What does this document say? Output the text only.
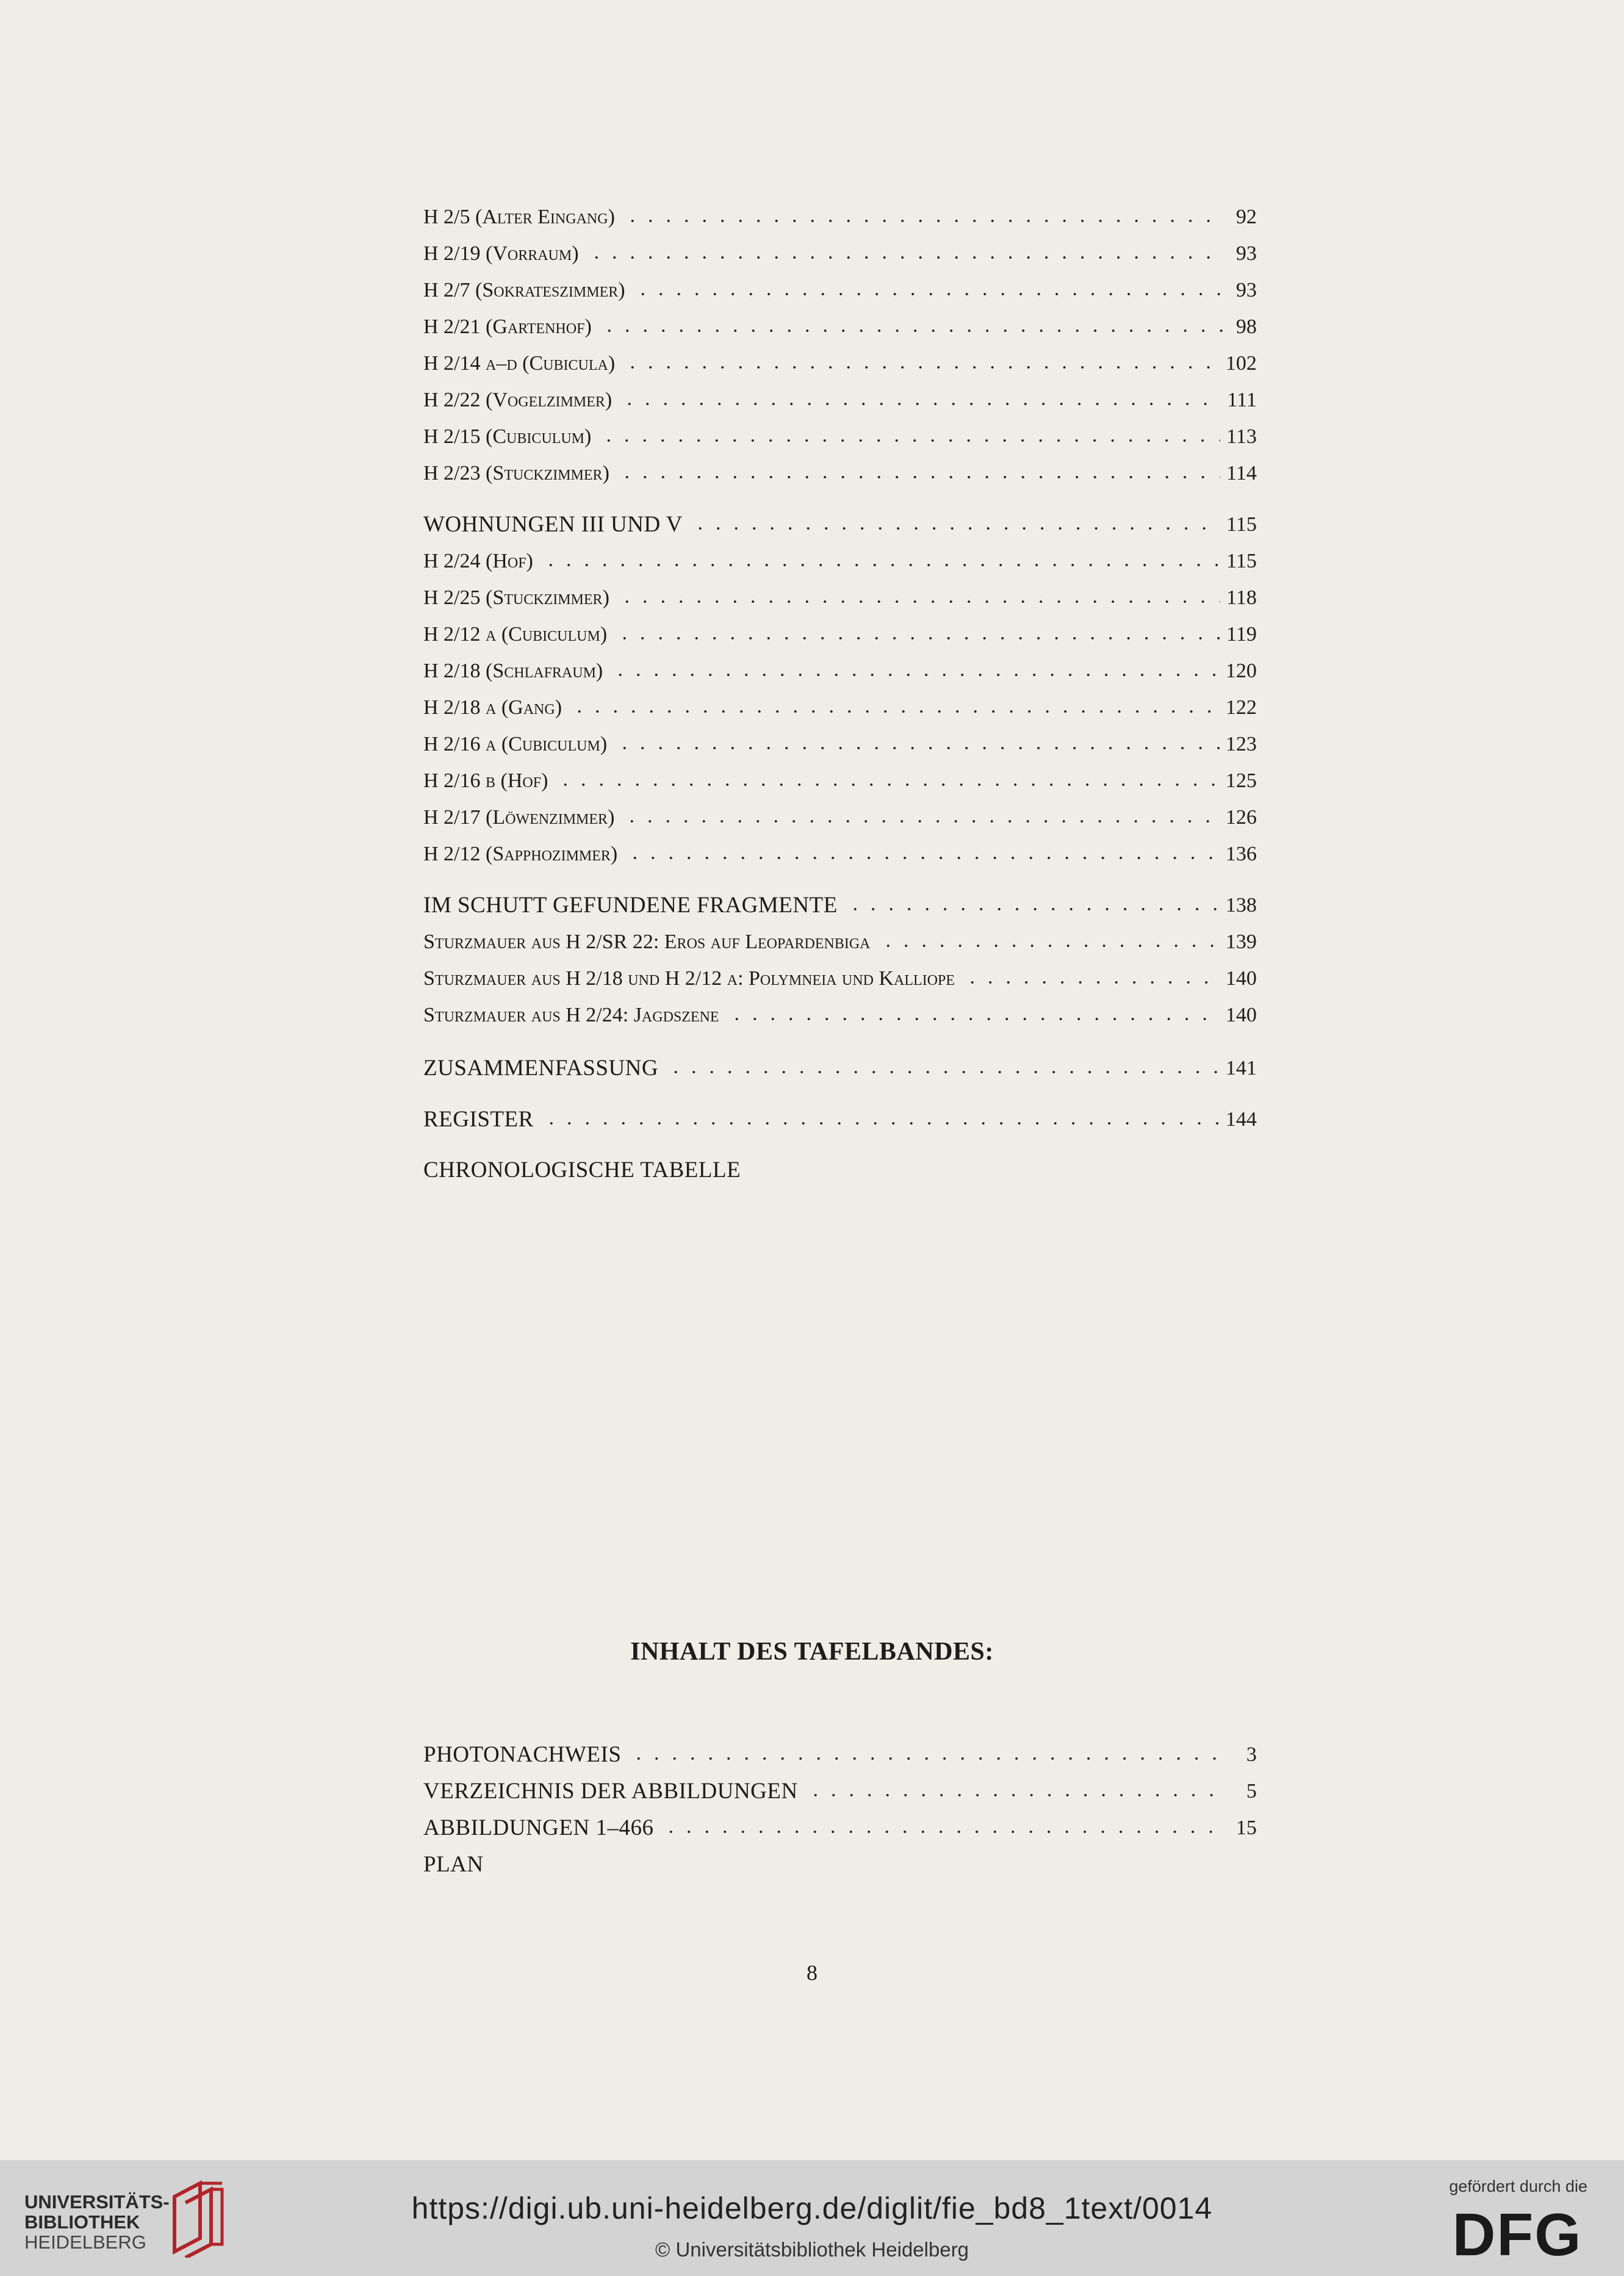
H 2/5 (Alter Eingang)	92
H 2/19 (Vorraum)	93
H 2/7 (Sokrateszimmer)	93
H 2/21 (Gartenhof)	98
H 2/14 a–d (Cubicula)	102
H 2/22 (Vogelzimmer)	111
H 2/15 (Cubiculum)	113
H 2/23 (Stuckzimmer)	114
WOHNUNGEN III UND V	115
H 2/24 (Hof)	115
H 2/25 (Stuckzimmer)	118
H 2/12 a (Cubiculum)	119
H 2/18 (Schlafraum)	120
H 2/18 a (Gang)	122
H 2/16 a (Cubiculum)	123
H 2/16 b (Hof)	125
H 2/17 (Löwenzimmer)	126
H 2/12 (Sapphozimmer)	136
IM SCHUTT GEFUNDENE FRAGMENTE	138
Sturzmauer aus H 2/SR 22: Eros auf Leopardenbiga	139
Sturzmauer aus H 2/18 und H 2/12 a: Polymneia und Kalliope	140
Sturzmauer aus H 2/24: Jagdszene	140
ZUSAMMENFASSUNG	141
REGISTER	144
CHRONOLOGISCHE TABELLE
PHOTONACHWEIS	3
VERZEICHNIS DER ABBILDUNGEN	5
ABBILDUNGEN 1–466	15
PLAN
INHALT DES TAFELBANDES:
8
UNIVERSITÄTS-
BIBLIOTHEK
HEIDELBERG
https://digi.ub.uni-heidelberg.de/diglit/fie_bd8_1text/0014
© Universitätsbibliothek Heidelberg
gefördert durch die
DFG
